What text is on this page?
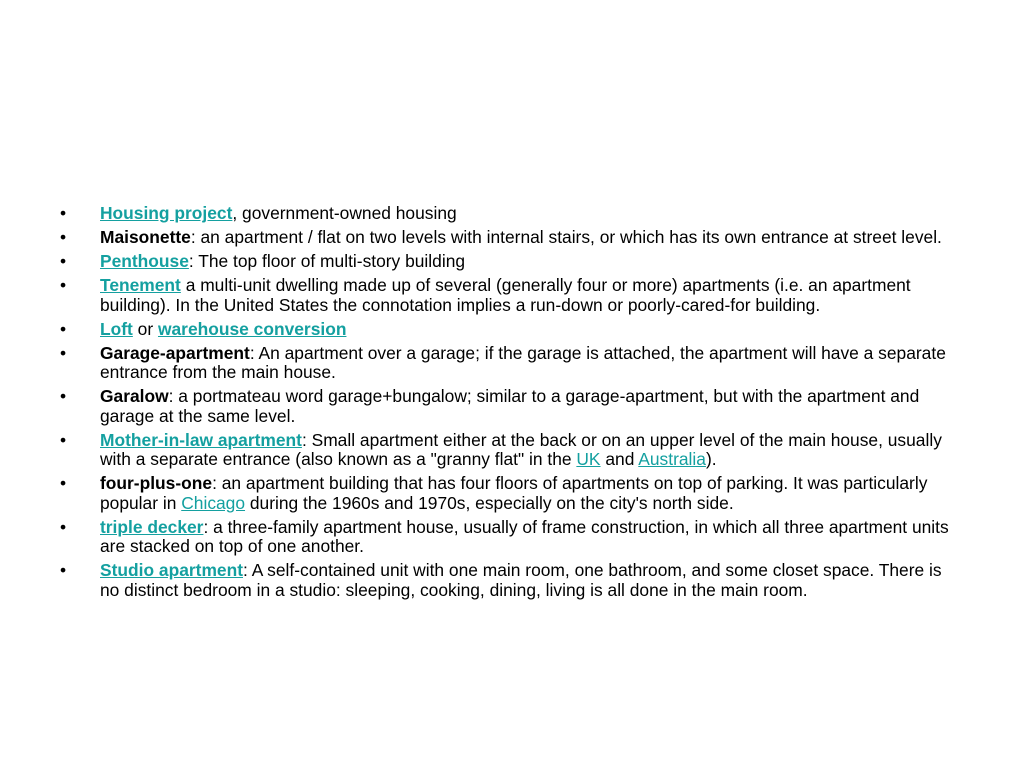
• Housing project, government-owned housing
• Maisonette: an apartment / flat on two levels with internal stairs, or which has its own entrance at street level.
• Penthouse: The top floor of multi-story building
• Tenement a multi-unit dwelling made up of several (generally four or more) apartments (i.e. an apartment building). In the United States the connotation implies a run-down or poorly-cared-for building.
• Loft or warehouse conversion
• Garage-apartment: An apartment over a garage; if the garage is attached, the apartment will have a separate entrance from the main house.
• Garalow: a portmateau word garage+bungalow; similar to a garage-apartment, but with the apartment and garage at the same level.
• Mother-in-law apartment: Small apartment either at the back or on an upper level of the main house, usually with a separate entrance (also known as a "granny flat" in the UK and Australia).
• four-plus-one: an apartment building that has four floors of apartments on top of parking. It was particularly popular in Chicago during the 1960s and 1970s, especially on the city's north side.
• triple decker: a three-family apartment house, usually of frame construction, in which all three apartment units are stacked on top of one another.
• Studio apartment: A self-contained unit with one main room, one bathroom, and some closet space. There is no distinct bedroom in a studio: sleeping, cooking, dining, living is all done in the main room.
